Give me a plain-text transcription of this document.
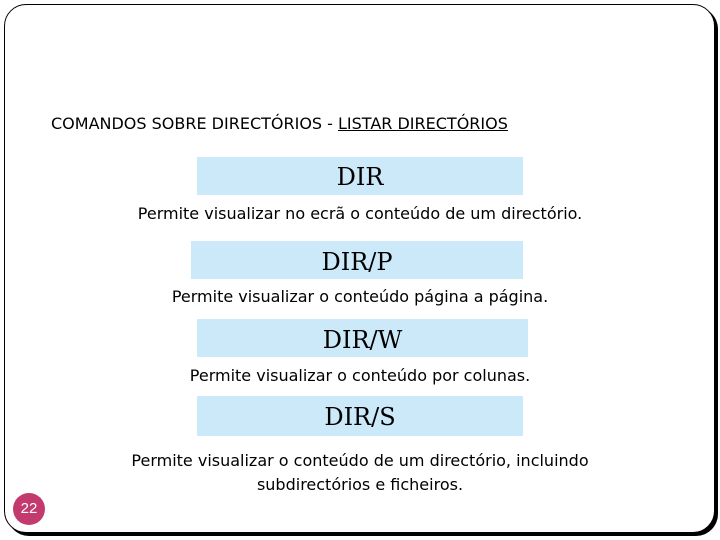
COMANDOS SOBRE DIRECTÓRIOS - LISTAR DIRECTÓRIOS
DIR
Permite visualizar no ecrã o conteúdo de um directório.
DIR/P
Permite visualizar o conteúdo página a página.
DIR/W
Permite visualizar o conteúdo por colunas.
DIR/S
Permite visualizar o conteúdo de um directório, incluindo
subdirectórios e ficheiros.
22
